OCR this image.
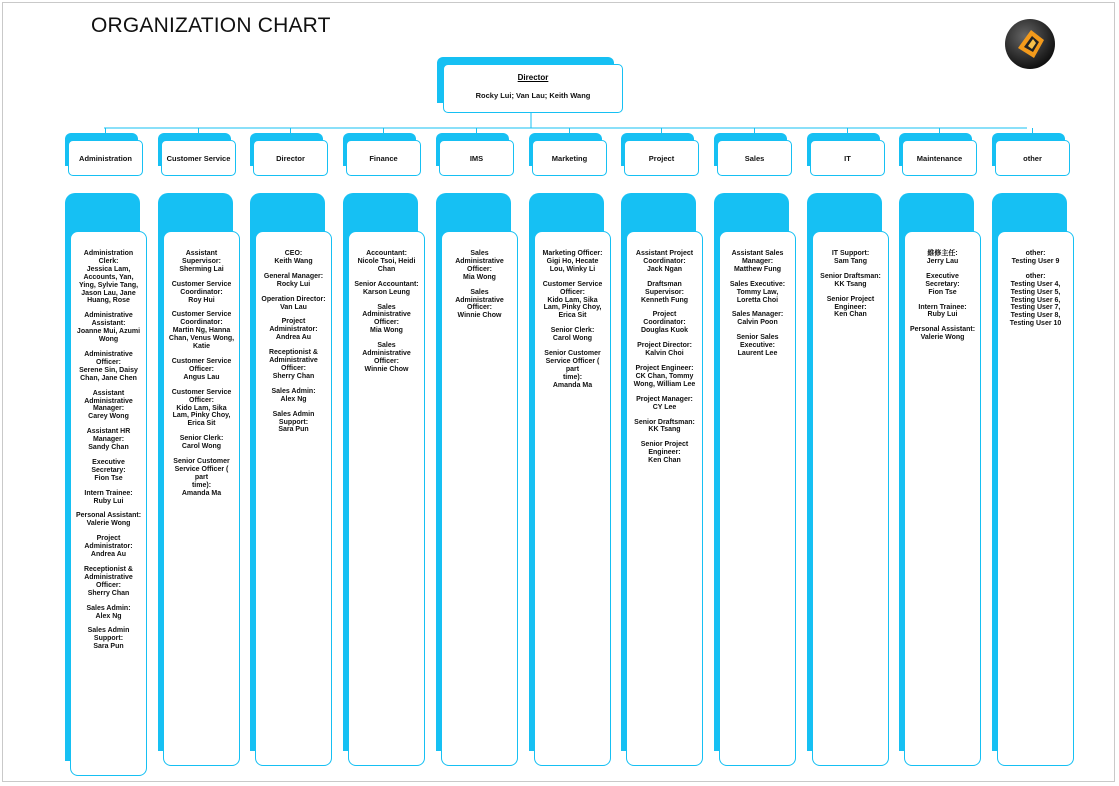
ORGANIZATION CHART
Director
Rocky Lui; Van Lau; Keith Wang
Administration
Administration Clerk:
Jessica Lam,
Accounts, Yan,
Ying, Sylvie Tang,
Jason Lau, Jane
Huang, Rose
Administrative
Assistant:
Joanne Mui, Azumi
Wong
Administrative
Officer:
Serene Sin, Daisy
Chan, Jane Chen
Assistant
Administrative
Manager:
Carey Wong
Assistant HR
Manager:
Sandy Chan
Executive Secretary:
Fion Tse
Intern Trainee:
Ruby Lui
Personal Assistant:
Valerie Wong
Project
Administrator:
Andrea Au
Receptionist &
Administrative
Officer:
Sherry Chan
Sales Admin:
Alex Ng
Sales Admin
Support:
Sara Pun
Customer Service
Assistant
Supervisor:
Sherming Lai
Customer Service
Coordinator:
Roy Hui
Customer Service
Coordinator:
Martin Ng, Hanna
Chan, Venus Wong,
Katie
Customer Service
Officer:
Angus Lau
Customer Service
Officer:
Kido Lam, Sika
Lam, Pinky Choy,
Erica Sit
Senior Clerk:
Carol Wong
Senior Customer
Service Officer ( part
time):
Amanda Ma
Director
CEO:
Keith Wang
General Manager:
Rocky Lui
Operation Director:
Van Lau
Project
Administrator:
Andrea Au
Receptionist &
Administrative
Officer:
Sherry Chan
Sales Admin:
Alex Ng
Sales Admin
Support:
Sara Pun
Finance
Accountant:
Nicole Tsoi, Heidi
Chan
Senior Accountant:
Karson Leung
Sales Administrative
Officer:
Mia Wong
Sales Administrative
Officer:
Winnie Chow
IMS
Sales Administrative
Officer:
Mia Wong
Sales Administrative
Officer:
Winnie Chow
Marketing
Marketing Officer:
Gigi Ho, Hecate
Lou, Winky Li
Customer Service
Officer:
Kido Lam, Sika
Lam, Pinky Choy,
Erica Sit
Senior Clerk:
Carol Wong
Senior Customer
Service Officer ( part
time):
Amanda Ma
Project
Assistant Project
Coordinator:
Jack Ngan
Draftsman
Supervisor:
Kenneth Fung
Project Coordinator:
Douglas Kuok
Project Director:
Kalvin Choi
Project Engineer:
CK Chan, Tommy
Wong, William Lee
Project Manager:
CY Lee
Senior Draftsman:
KK Tsang
Senior Project
Engineer:
Ken Chan
Sales
Assistant Sales
Manager:
Matthew Fung
Sales Executive:
Tommy Law,
Loretta Choi
Sales Manager:
Calvin Poon
Senior Sales
Executive:
Laurent Lee
IT
IT Support:
Sam Tang
Senior Draftsman:
KK Tsang
Senior Project
Engineer:
Ken Chan
Maintenance
維修主任:
Jerry Lau
Executive Secretary:
Fion Tse
Intern Trainee:
Ruby Lui
Personal Assistant:
Valerie Wong
other
other:
Testing User 9
other:
Testing User 4,
Testing User 5,
Testing User 6,
Testing User 7,
Testing User 8,
Testing User 10
